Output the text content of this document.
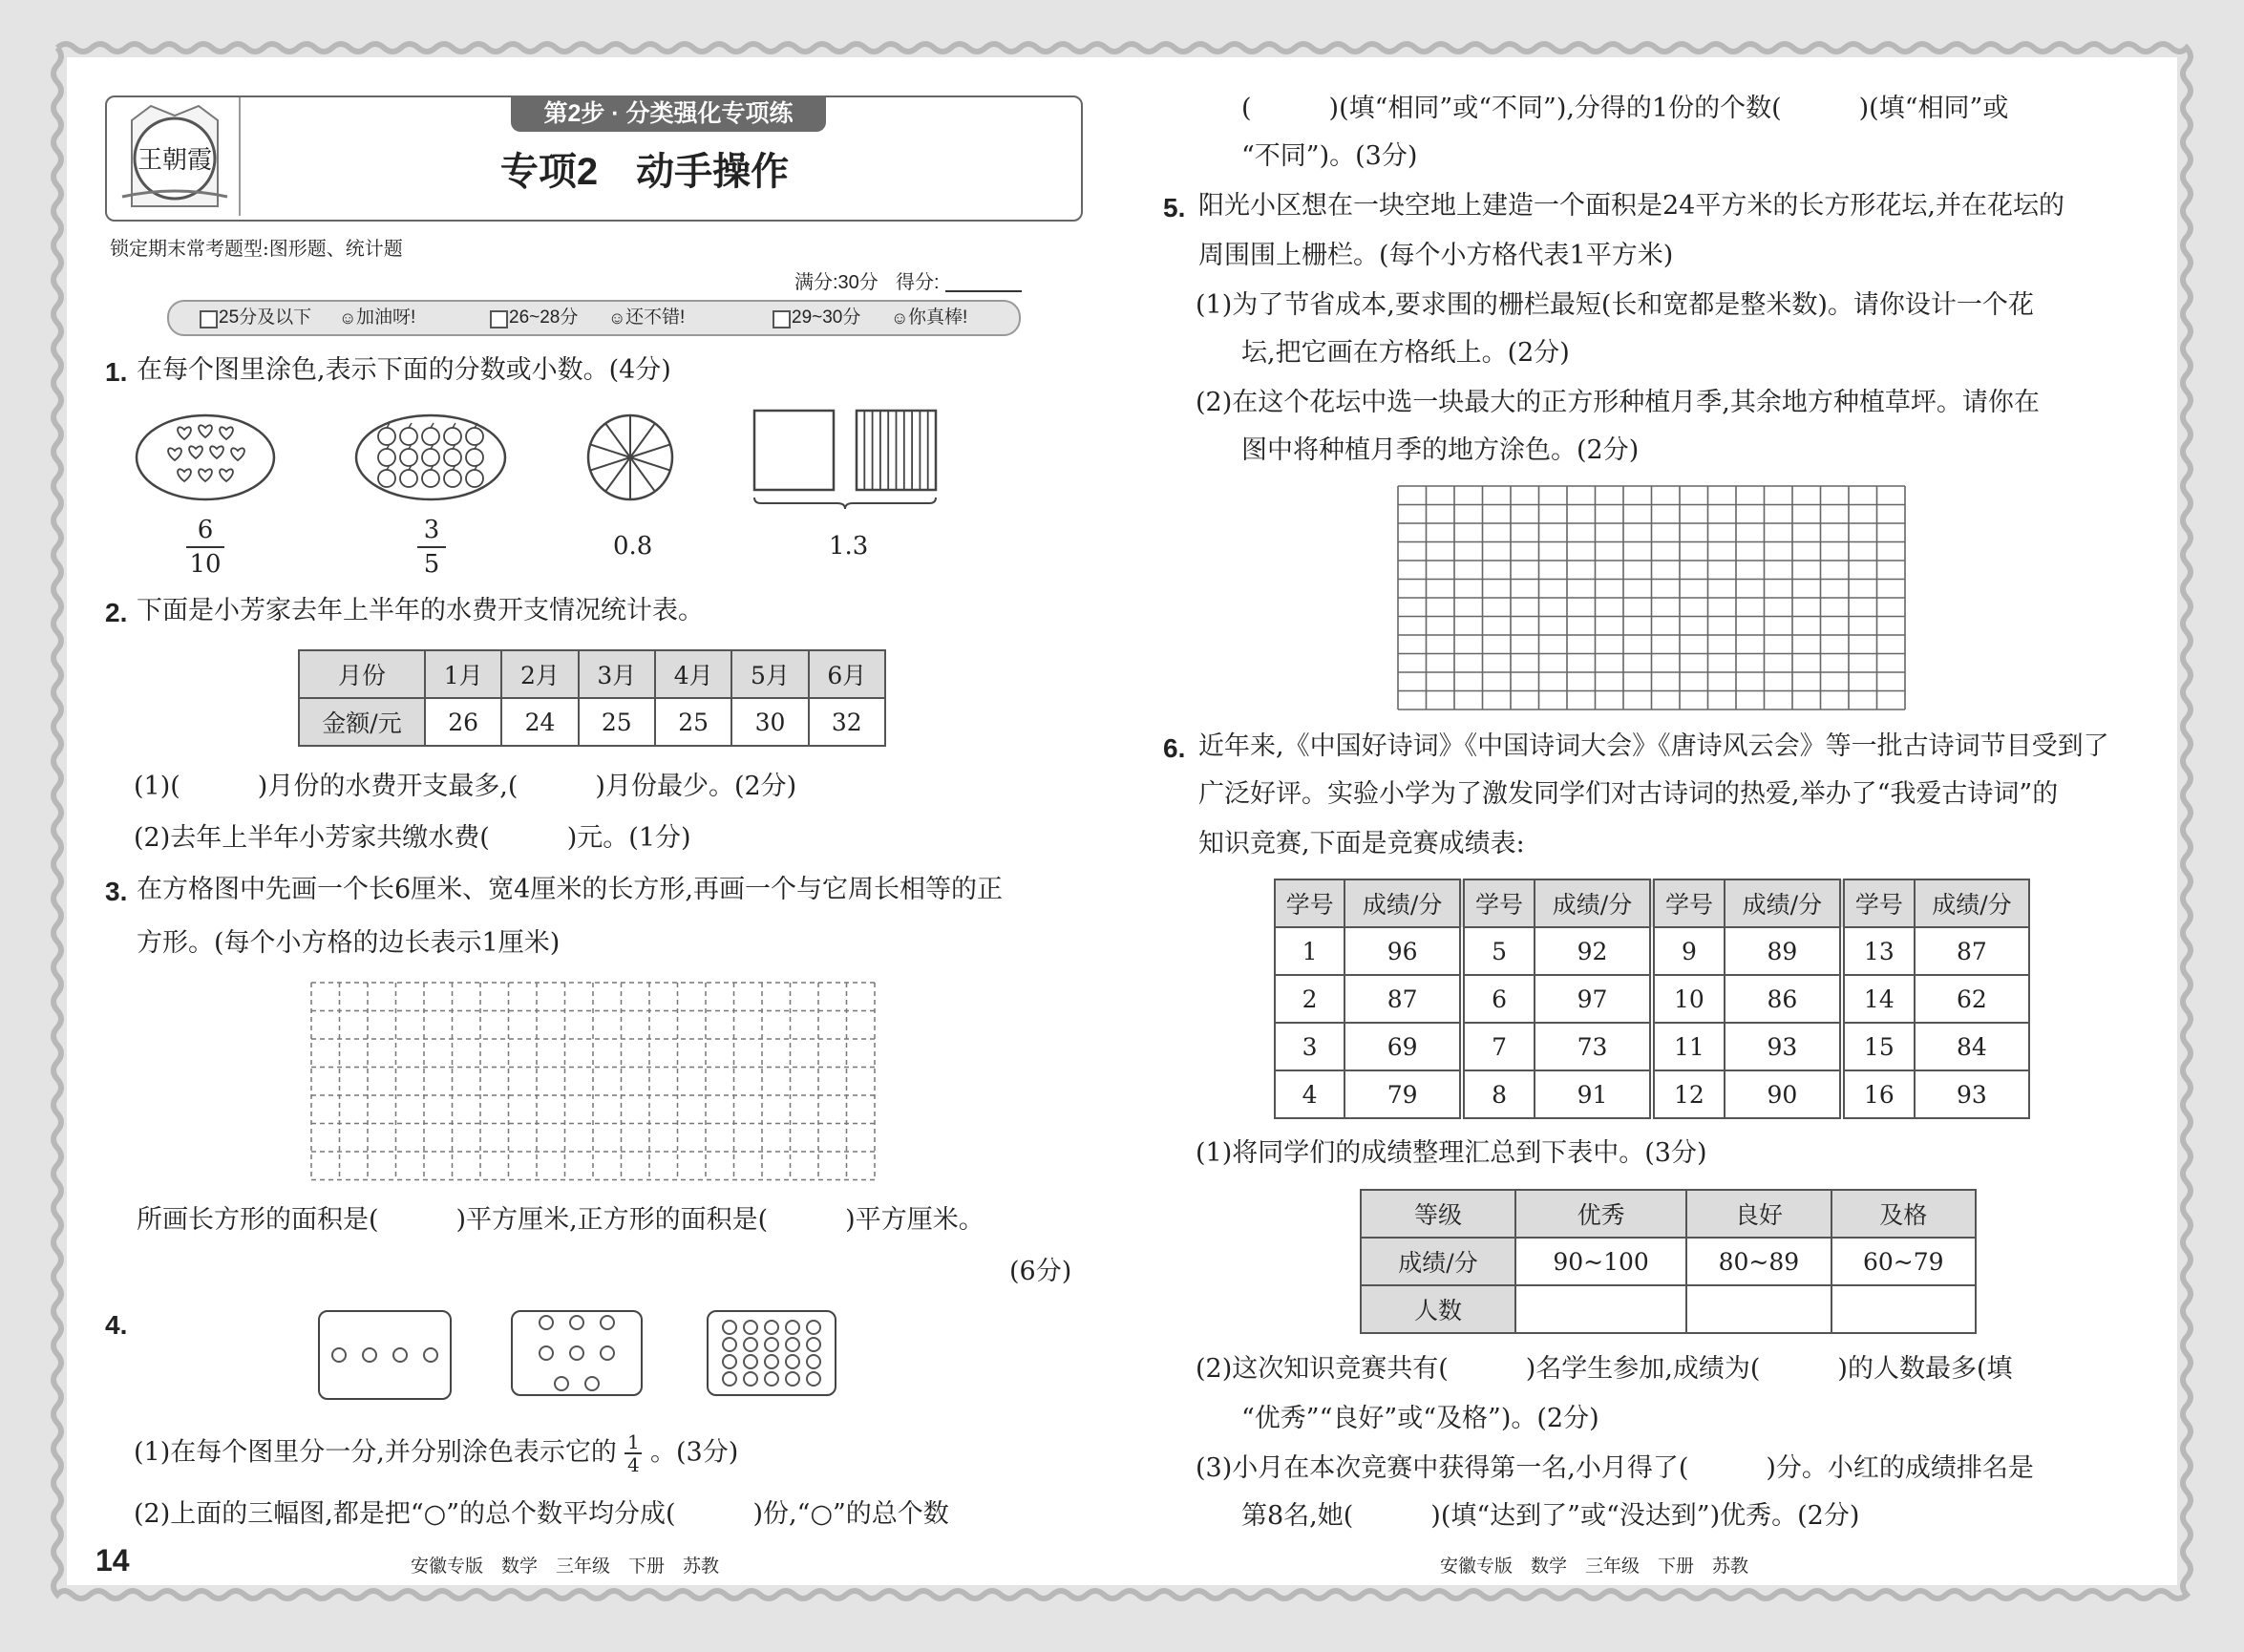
王朝霞
第2步 · 分类强化专项练
专项2　动手操作
锁定期末常考题型:图形题、统计题
满分:30分 得分:
25分及以下 ☺ 加油呀!	26~28分 ☺ 还不错!	29~30分 ☺ 你真棒!
1. 在每个图里涂色,表示下面的分数或小数。(4分)
6
10
3
5
0.8	1.3
2. 下面是小芳家去年上半年的水费开支情况统计表。
月份	1月	2月	3月	4月	5月	6月
金额/元	26	24	25	25	30	32
(1)(　　　)月份的水费开支最多,(　　　)月份最少。(2分)
(2)去年上半年小芳家共缴水费(　　　)元。(1分)
3. 在方格图中先画一个长6厘米、宽4厘米的长方形,再画一个与它周长相等的正
方形。(每个小方格的边长表示1厘米)
所画长方形的面积是(　　　)平方厘米,正方形的面积是(　　　)平方厘米。
(6分)
4.
(1)在每个图里分一分,并分别涂色表示它的 $\frac{1}{4}$ 。(3分)
(2)上面的三幅图,都是把“○”的总个数平均分成(　　　)份,“○”的总个数
14	安徽专版　数学　三年级　下册　苏教
(　　　)(填“相同”或“不同”),分得的1份的个数(　　　)(填“相同”或
“不同”)。(3分)
5. 阳光小区想在一块空地上建造一个面积是24平方米的长方形花坛,并在花坛的
周围围上栅栏。(每个小方格代表1平方米)
(1)为了节省成本,要求围的栅栏最短(长和宽都是整米数)。请你设计一个花
坛,把它画在方格纸上。(2分)
(2)在这个花坛中选一块最大的正方形种植月季,其余地方种植草坪。请你在
图中将种植月季的地方涂色。(2分)
6. 近年来,《中国好诗词》《中国诗词大会》《唐诗风云会》等一批古诗词节目受到了
广泛好评。实验小学为了激发同学们对古诗词的热爱,举办了“我爱古诗词”的
知识竞赛,下面是竞赛成绩表:
学号	成绩/分	学号	成绩/分	学号	成绩/分	学号	成绩/分
1	96	5	92	9	89	13	87
2	87	6	97	10	86	14	62
3	69	7	73	11	93	15	84
4	79	8	91	12	90	16	93
(1)将同学们的成绩整理汇总到下表中。(3分)
等级	优秀	良好	及格
成绩/分	90~100	80~89	60~79
人数			
(2)这次知识竞赛共有(　　　)名学生参加,成绩为(　　　)的人数最多(填
“优秀”“良好”或“及格”)。(2分)
(3)小月在本次竞赛中获得第一名,小月得了(　　　)分。小红的成绩排名是
第8名,她(　　　)(填“达到了”或“没达到”)优秀。(2分)
安徽专版　数学　三年级　下册　苏教
